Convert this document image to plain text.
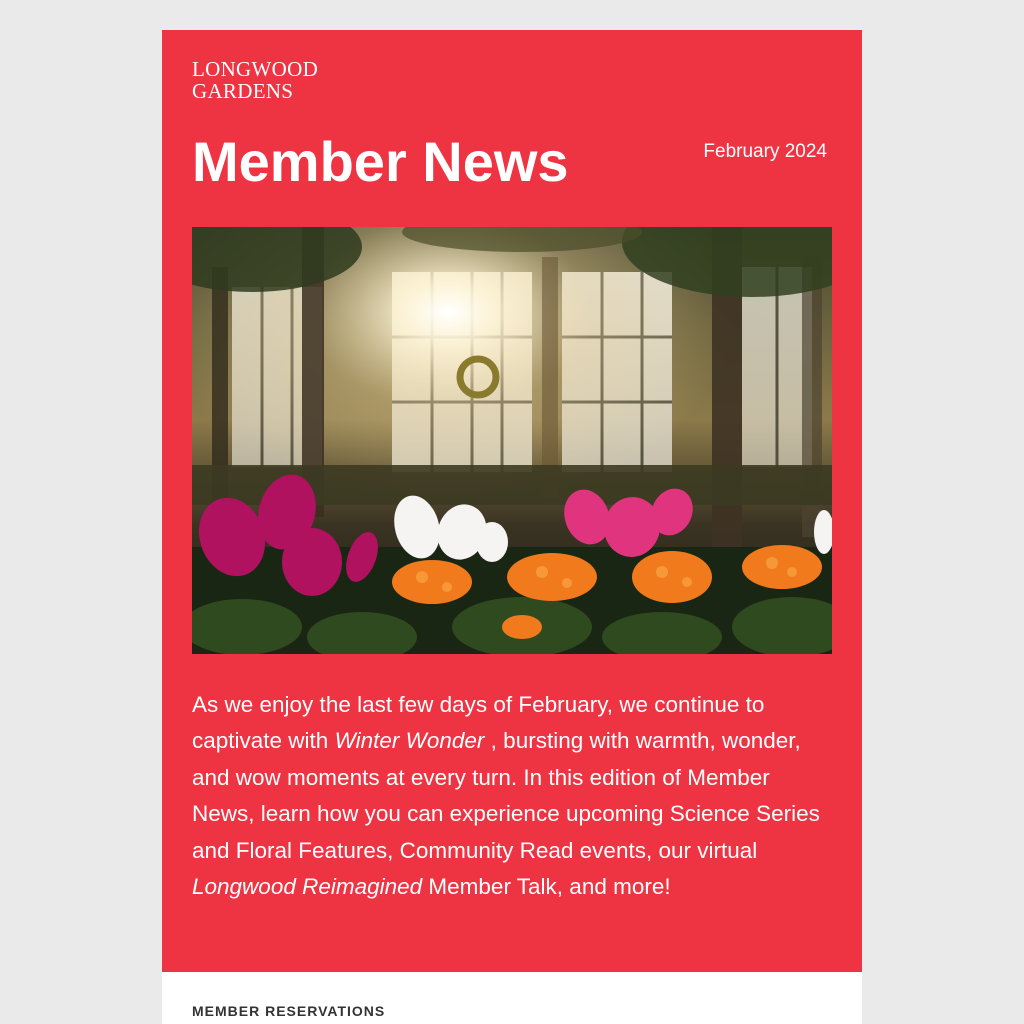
LONGWOOD
GARDENS
Member News	February 2024

As we enjoy the last few days of February, we continue to captivate with Winter Wonder , bursting with warmth, wonder, and wow moments at every turn. In this edition of Member News, learn how you can experience upcoming Science Series and Floral Features, Community Read events, our virtual Longwood Reimagined Member Talk, and more!

MEMBER RESERVATIONS
